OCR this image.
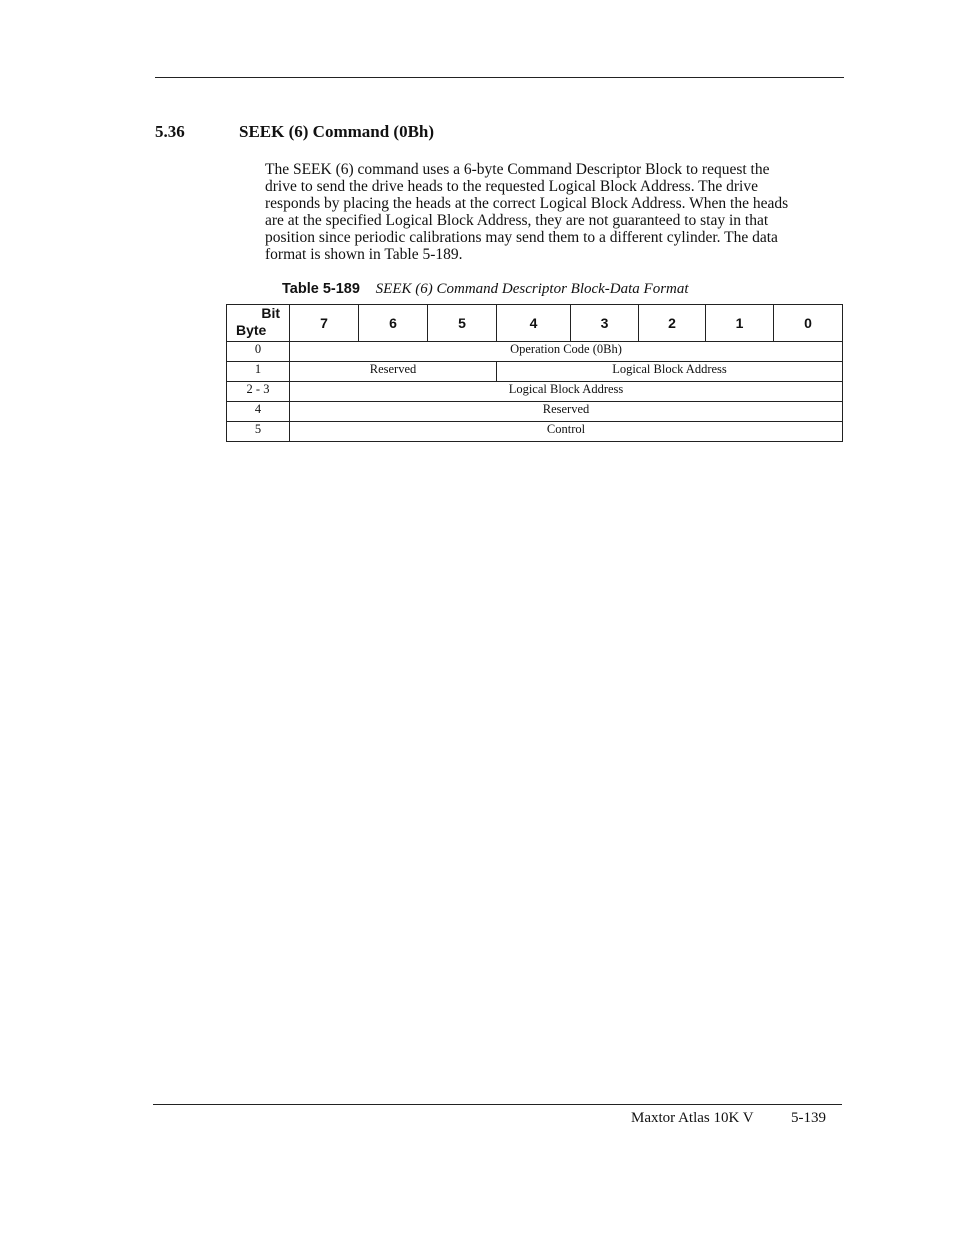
5.36	SEEK (6) Command (0Bh)
The SEEK (6) command uses a 6-byte Command Descriptor Block to request the
drive to send the drive heads to the requested Logical Block Address. The drive
responds by placing the heads at the correct Logical Block Address. When the heads
are at the specified Logical Block Address, they are not guaranteed to stay in that
position since periodic calibrations may send them to a different cylinder. The data
format is shown in Table 5-189.
Table 5-189 SEEK (6) Command Descriptor Block-Data Format
Bit
Byte	7	6	5	4	3	2	1	0
0	Operation Code (0Bh)							
1	Reserved			Logical Block Address				
2 - 3	Logical Block Address							
4	Reserved							
5	Control							
Maxtor Atlas 10K V 5-139
